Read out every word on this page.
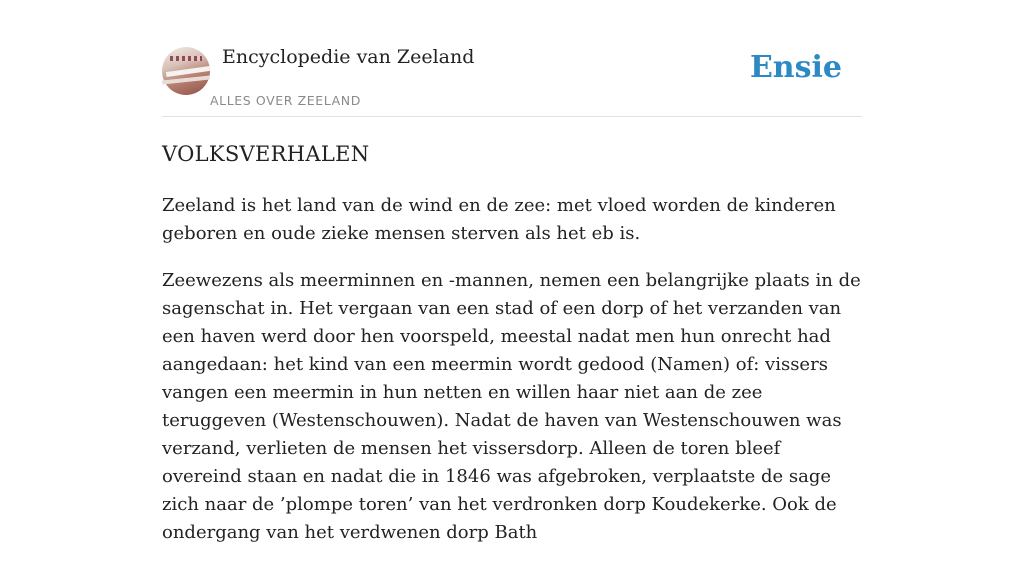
Encyclopedie van Zeeland
ALLES OVER ZEELAND
Ensie
VOLKSVERHALEN

Zeeland is het land van de wind en de zee: met vloed worden de kinderen geboren en oude zieke mensen sterven als het eb is.

Zeewezens als meerminnen en -mannen, nemen een belangrijke plaats in de sagenschat in. Het vergaan van een stad of een dorp of het verzanden van een haven werd door hen voorspeld, meestal nadat men hun onrecht had aangedaan: het kind van een meermin wordt gedood (Namen) of: vissers vangen een meermin in hun netten en willen haar niet aan de zee teruggeven (Westenschouwen). Nadat de haven van Westenschouwen was verzand, verlieten de mensen het vissersdorp. Alleen de toren bleef overeind staan en nadat die in 1846 was afgebroken, verplaatste de sage zich naar de ’plompe toren’ van het verdronken dorp Koudekerke. Ook de ondergang van het verdwenen dorp Bath
